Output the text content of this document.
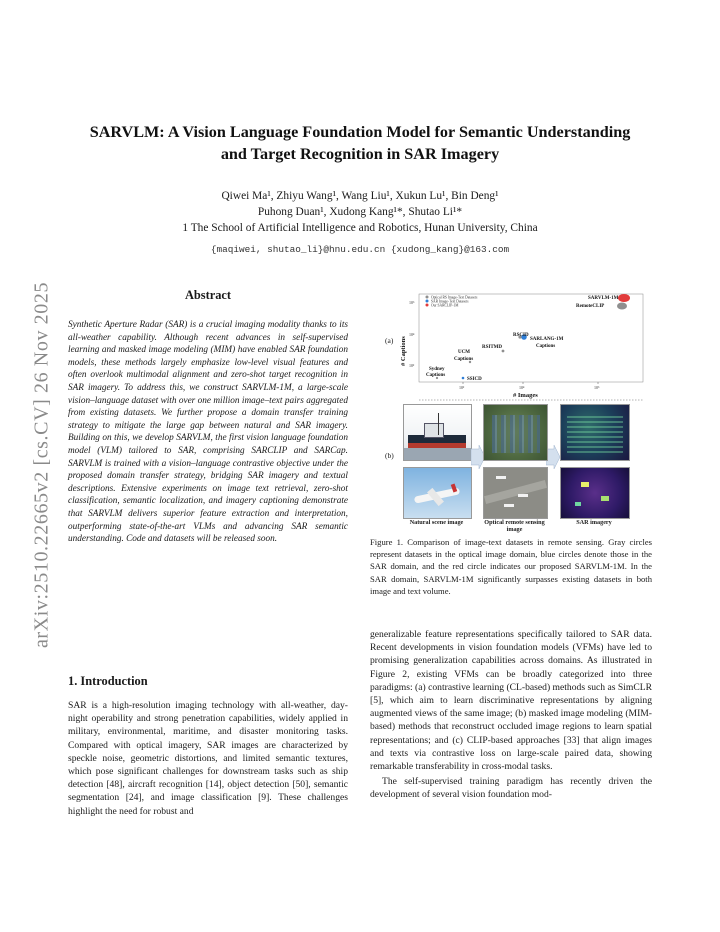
arXiv:2510.22665v2 [cs.CV] 26 Nov 2025
SARVLM: A Vision Language Foundation Model for Semantic Understanding
and Target Recognition in SAR Imagery
Qiwei Ma¹, Zhiyu Wang¹, Wang Liu¹, Xukun Lu¹, Bin Deng¹
Puhong Duan¹, Xudong Kang¹*, Shutao Li¹*
1 The School of Artificial Intelligence and Robotics, Hunan University, China
{maqiwei, shutao_li}@hnu.edu.cn {xudong_kang}@163.com
Abstract
Synthetic Aperture Radar (SAR) is a crucial imaging modality thanks to its all-weather capability. Although recent advances in self-supervised learning and masked image modeling (MIM) have enabled SAR foundation models, these methods largely emphasize low-level visual features and often overlook multimodal alignment and zero-shot target recognition in SAR imagery. To address this, we construct SARVLM-1M, a large-scale vision–language dataset with over one million image–text pairs aggregated from existing datasets. We further propose a domain transfer training strategy to mitigate the large gap between natural and SAR imagery. Building on this, we develop SARVLM, the first vision language foundation model (VLM) tailored to SAR, comprising SARCLIP and SARCap. SARVLM is trained with a vision–language contrastive objective under the proposed domain transfer strategy, bridging SAR imagery and textual descriptions. Extensive experiments on image text retrieval, zero-shot classification, semantic localization, and imagery captioning demonstrate that SARVLM delivers superior feature extraction and interpretation, outperforming state-of-the-art VLMs and advancing SAR semantic understanding. Code and datasets will be released soon.
1. Introduction
SAR is a high-resolution imaging technology with all-weather, day-night operability and strong penetration capabilities, widely applied in military, environmental, maritime, and disaster monitoring tasks. Compared with optical imagery, SAR images are characterized by speckle noise, geometric distortions, and limited semantic textures, which pose significant challenges for downstream tasks such as ship detection [48], aircraft recognition [14], object detection [50], semantic segmentation [24], and image classification [9]. These challenges highlight the need for robust and

generalizable feature representations specifically tailored to SAR data. Recent developments in vision foundation models (VFMs) have led to promising generalization capabilities across domains. As illustrated in Figure 2, existing VFMs can be broadly categorized into three paradigms: (a) contrastive learning (CL-based) methods such as SimCLR [5], which aim to learn discriminative representations by aligning augmented views of the same image; (b) masked image modeling (MIM-based) methods that reconstruct occluded image regions to learn spatial representations; and (c) CLIP-based approaches [33] that align images and texts via contrastive loss on large-scale paired data, showing remarkable transferability in cross-modal tasks.

The self-supervised training paradigm has recently driven the development of several vision foundation mod-

(a)
(b)
10²	10⁴	10⁶
10⁶
10⁴
10²
# Captions
# Images
Optical RS Image-Text Datasets
SAR Image-Text Datasets
Our SARCLIP-1M
SARVLM-1M
RemoteCLIP
RSCID
SARLANG-1M
Captions
RSITMD
UCM
Captions
Sydney
Captions
SSICD
Natural scene image	Optical remote sensing image
SAR imagery
Figure 1. Comparison of image-text datasets in remote sensing. Gray circles represent datasets in the optical image domain, blue circles denote those in the SAR domain, and the red circle indicates our proposed SARVLM-1M. In the SAR domain, SARVLM-1M significantly surpasses existing datasets in both image and text volume.
